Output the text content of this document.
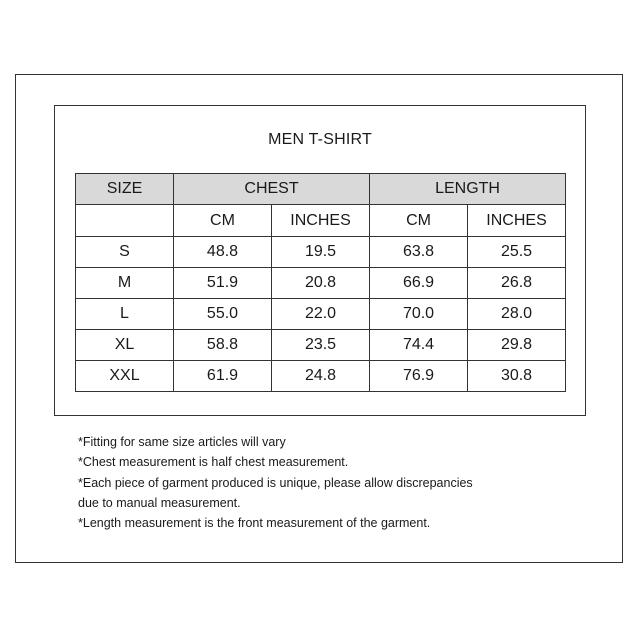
MEN T-SHIRT
SIZE	CHEST		LENGTH	
	CM	INCHES	CM	INCHES
S	48.8	19.5	63.8	25.5
M	51.9	20.8	66.9	26.8
L	55.0	22.0	70.0	28.0
XL	58.8	23.5	74.4	29.8
XXL	61.9	24.8	76.9	30.8

*Fitting for same size articles will vary

*Chest measurement is half chest measurement.

*Each piece of garment produced is unique, please allow discrepancies

due to manual measurement.

*Length measurement is the front measurement of the garment.
